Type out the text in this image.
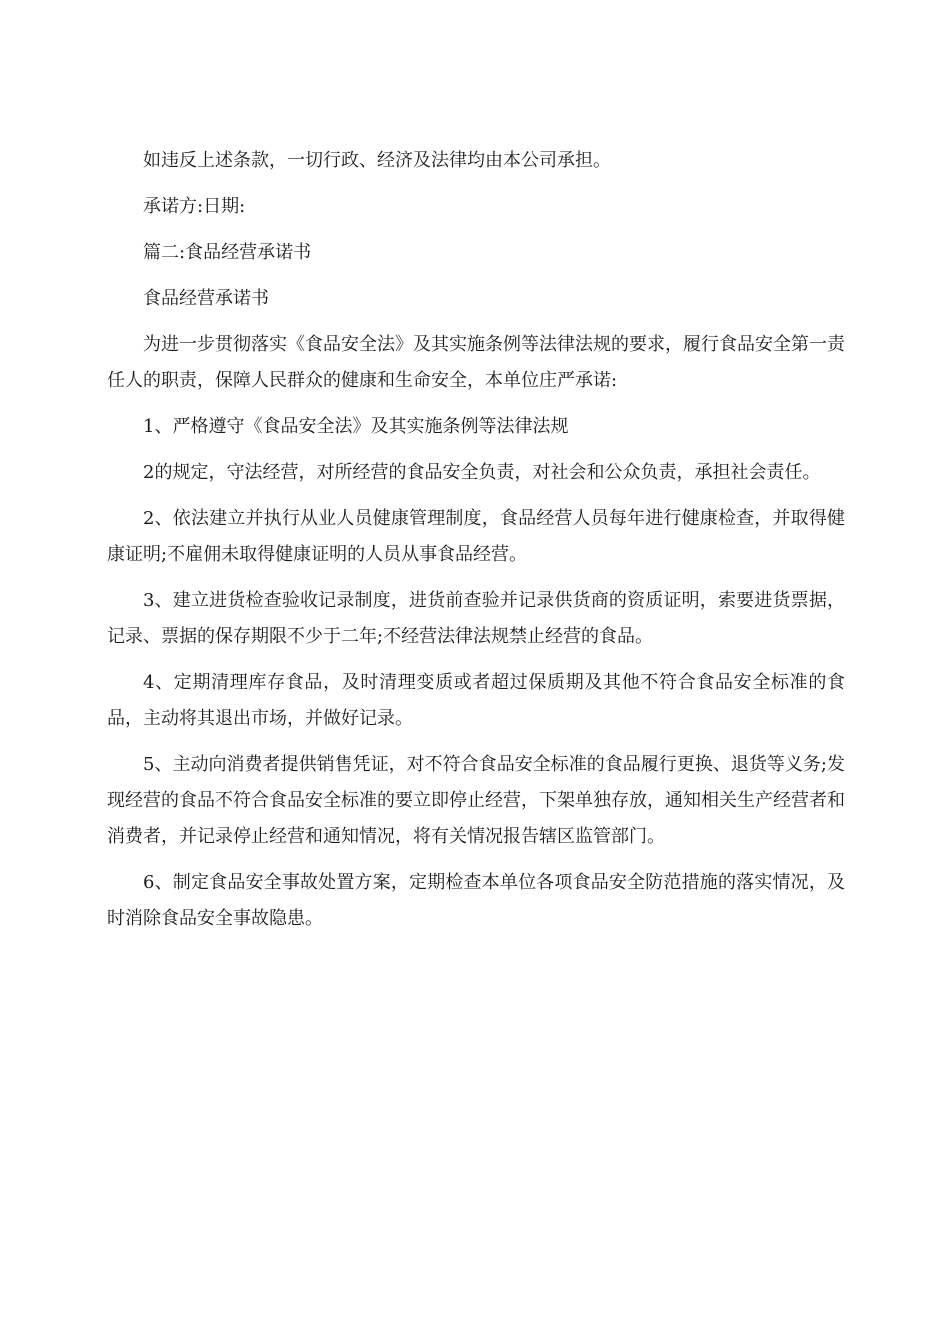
如违反上述条款，一切行政、经济及法律均由本公司承担。

承诺方:日期:

篇二:食品经营承诺书

食品经营承诺书

为进一步贯彻落实《食品安全法》及其实施条例等法律法规的要求，履行食品安全第一责任人的职责，保障人民群众的健康和生命安全，本单位庄严承诺:

1、严格遵守《食品安全法》及其实施条例等法律法规

2的规定，守法经营，对所经营的食品安全负责，对社会和公众负责，承担社会责任。

2、依法建立并执行从业人员健康管理制度，食品经营人员每年进行健康检查，并取得健康证明;不雇佣未取得健康证明的人员从事食品经营。

3、建立进货检查验收记录制度，进货前查验并记录供货商的资质证明，索要进货票据，记录、票据的保存期限不少于二年;不经营法律法规禁止经营的食品。

4、定期清理库存食品，及时清理变质或者超过保质期及其他不符合食品安全标准的食品，主动将其退出市场，并做好记录。

5、主动向消费者提供销售凭证，对不符合食品安全标准的食品履行更换、退货等义务;发现经营的食品不符合食品安全标准的要立即停止经营，下架单独存放，通知相关生产经营者和消费者，并记录停止经营和通知情况，将有关情况报告辖区监管部门。

6、制定食品安全事故处置方案，定期检查本单位各项食品安全防范措施的落实情况，及时消除食品安全事故隐患。
